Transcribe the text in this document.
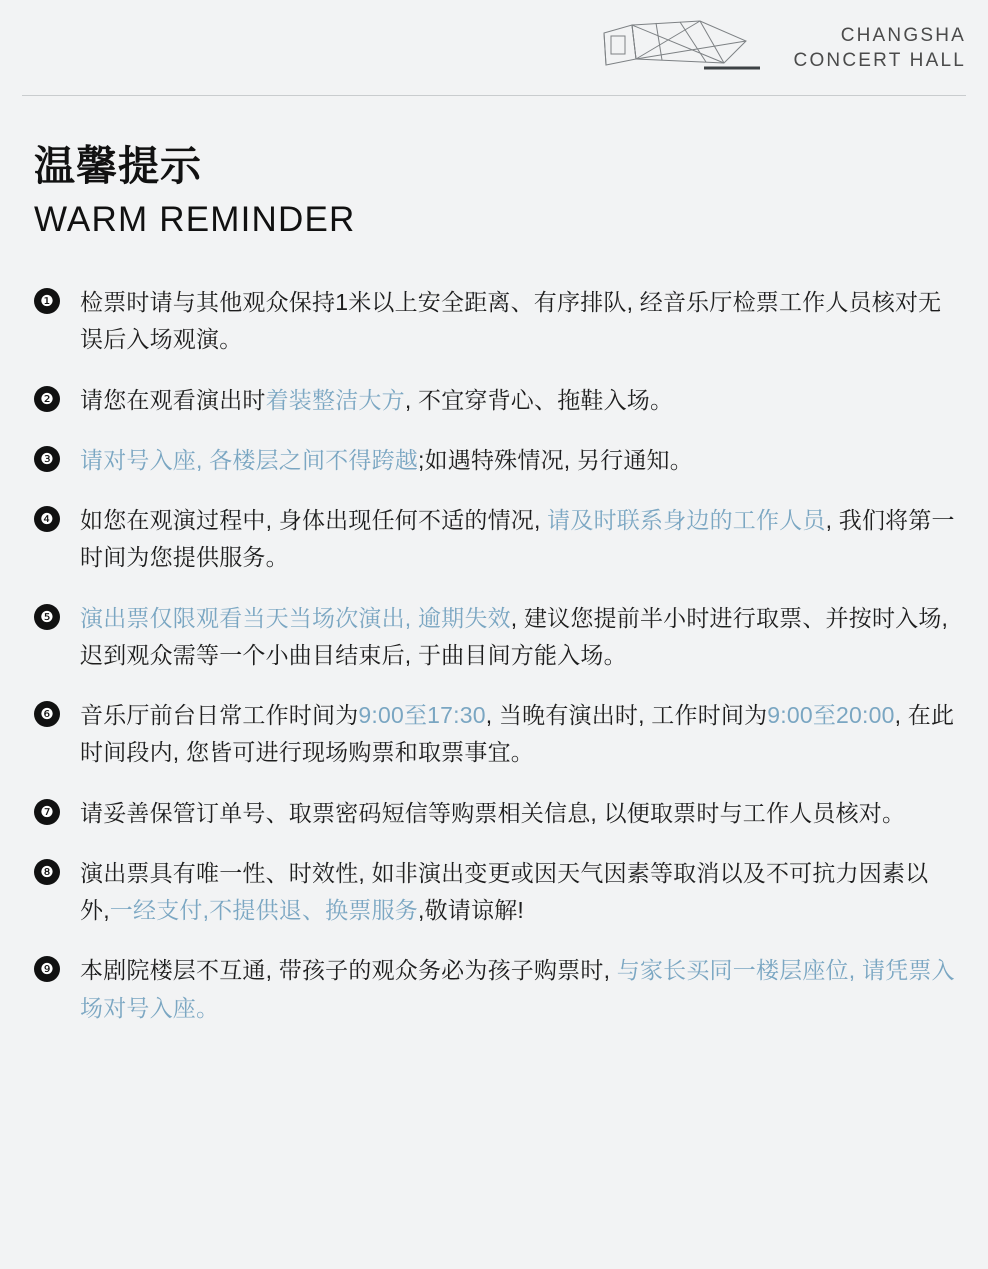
CHANGSHA
CONCERT HALL
温馨提示
WARM REMINDER
❶ 检票时请与其他观众保持1米以上安全距离、有序排队, 经音乐厅检票工作人员核对无误后入场观演。
❷ 请您在观看演出时着装整洁大方, 不宜穿背心、拖鞋入场。
❸ 请对号入座, 各楼层之间不得跨越;如遇特殊情况, 另行通知。
❹ 如您在观演过程中, 身体出现任何不适的情况, 请及时联系身边的工作人员, 我们将第一时间为您提供服务。
❺ 演出票仅限观看当天当场次演出, 逾期失效, 建议您提前半小时进行取票、并按时入场, 迟到观众需等一个小曲目结束后, 于曲目间方能入场。
❻ 音乐厅前台日常工作时间为9:00至17:30, 当晚有演出时, 工作时间为9:00至20:00, 在此时间段内, 您皆可进行现场购票和取票事宜。
❼ 请妥善保管订单号、取票密码短信等购票相关信息, 以便取票时与工作人员核对。
❽ 演出票具有唯一性、时效性, 如非演出变更或因天气因素等取消以及不可抗力因素以外,一经支付,不提供退、换票服务,敬请谅解!
❾ 本剧院楼层不互通, 带孩子的观众务必为孩子购票时, 与家长买同一楼层座位, 请凭票入场对号入座。
